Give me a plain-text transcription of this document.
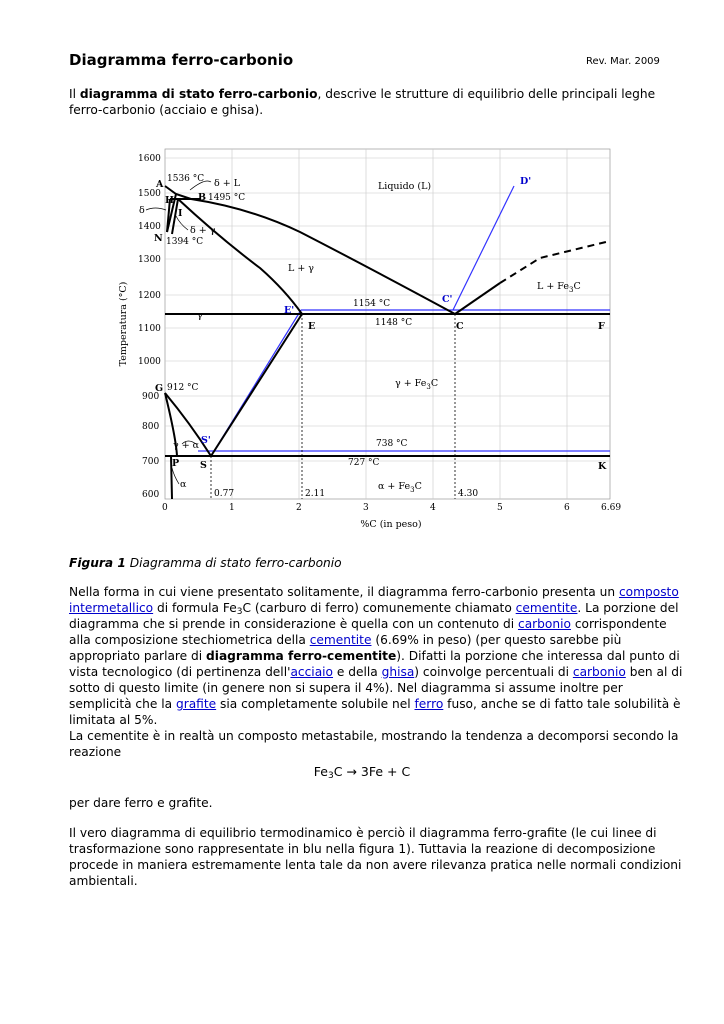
Diagramma ferro-carbonio	Rev. Mar. 2009

Il diagramma di stato ferro-carbonio, descrive le strutture di equilibrio delle principali leghe ferro-carbonio (acciaio e ghisa).

1600
1500
1400
1300
1200
1100
1000
900
800
700
600
0	1	2	3	4	5	6	6.69
Temperatura (°C)
%C (in peso)
A
H	B
I
N
E	C	F
G
P S	K
D'
C'
E'
S'
Liquido (L)
δ + L
δ + γ
δ
L + γ
γ
$\gamma + Fe_3C$
$L + Fe_3C$
$\alpha + Fe_3C$
γ + α
α
1536 °C
1495 °C
1394 °C
1154 °C
1148 °C
912 °C
738 °C
727 °C
0.77	2.11	4.30
Figura 1 Diagramma di stato ferro-carbonio

Nella forma in cui viene presentato solitamente, il diagramma ferro-carbonio presenta un composto intermetallico di formula $Fe_3C$ (carburo di ferro) comunemente chiamato cementite. La porzione del diagramma che si prende in considerazione è quella con un contenuto di carbonio corrispondente alla composizione stechiometrica della cementite (6.69% in peso) (per questo sarebbe più appropriato parlare di diagramma ferro-cementite). Difatti la porzione che interessa dal punto di vista tecnologico (di pertinenza dell'acciaio e della ghisa) coinvolge percentuali di carbonio ben al di sotto di questo limite (in genere non si supera il 4%). Nel diagramma si assume inoltre per semplicità che la grafite sia completamente solubile nel ferro fuso, anche se di fatto tale solubilità è limitata al 5%.
La cementite è in realtà un composto metastabile, mostrando la tendenza a decomporsi secondo la reazione

$Fe_3C \to 3Fe + C$

per dare ferro e grafite.

Il vero diagramma di equilibrio termodinamico è perciò il diagramma ferro-grafite (le cui linee di trasformazione sono rappresentate in blu nella figura 1). Tuttavia la reazione di decomposizione procede in maniera estremamente lenta tale da non avere rilevanza pratica nelle normali condizioni ambientali.
